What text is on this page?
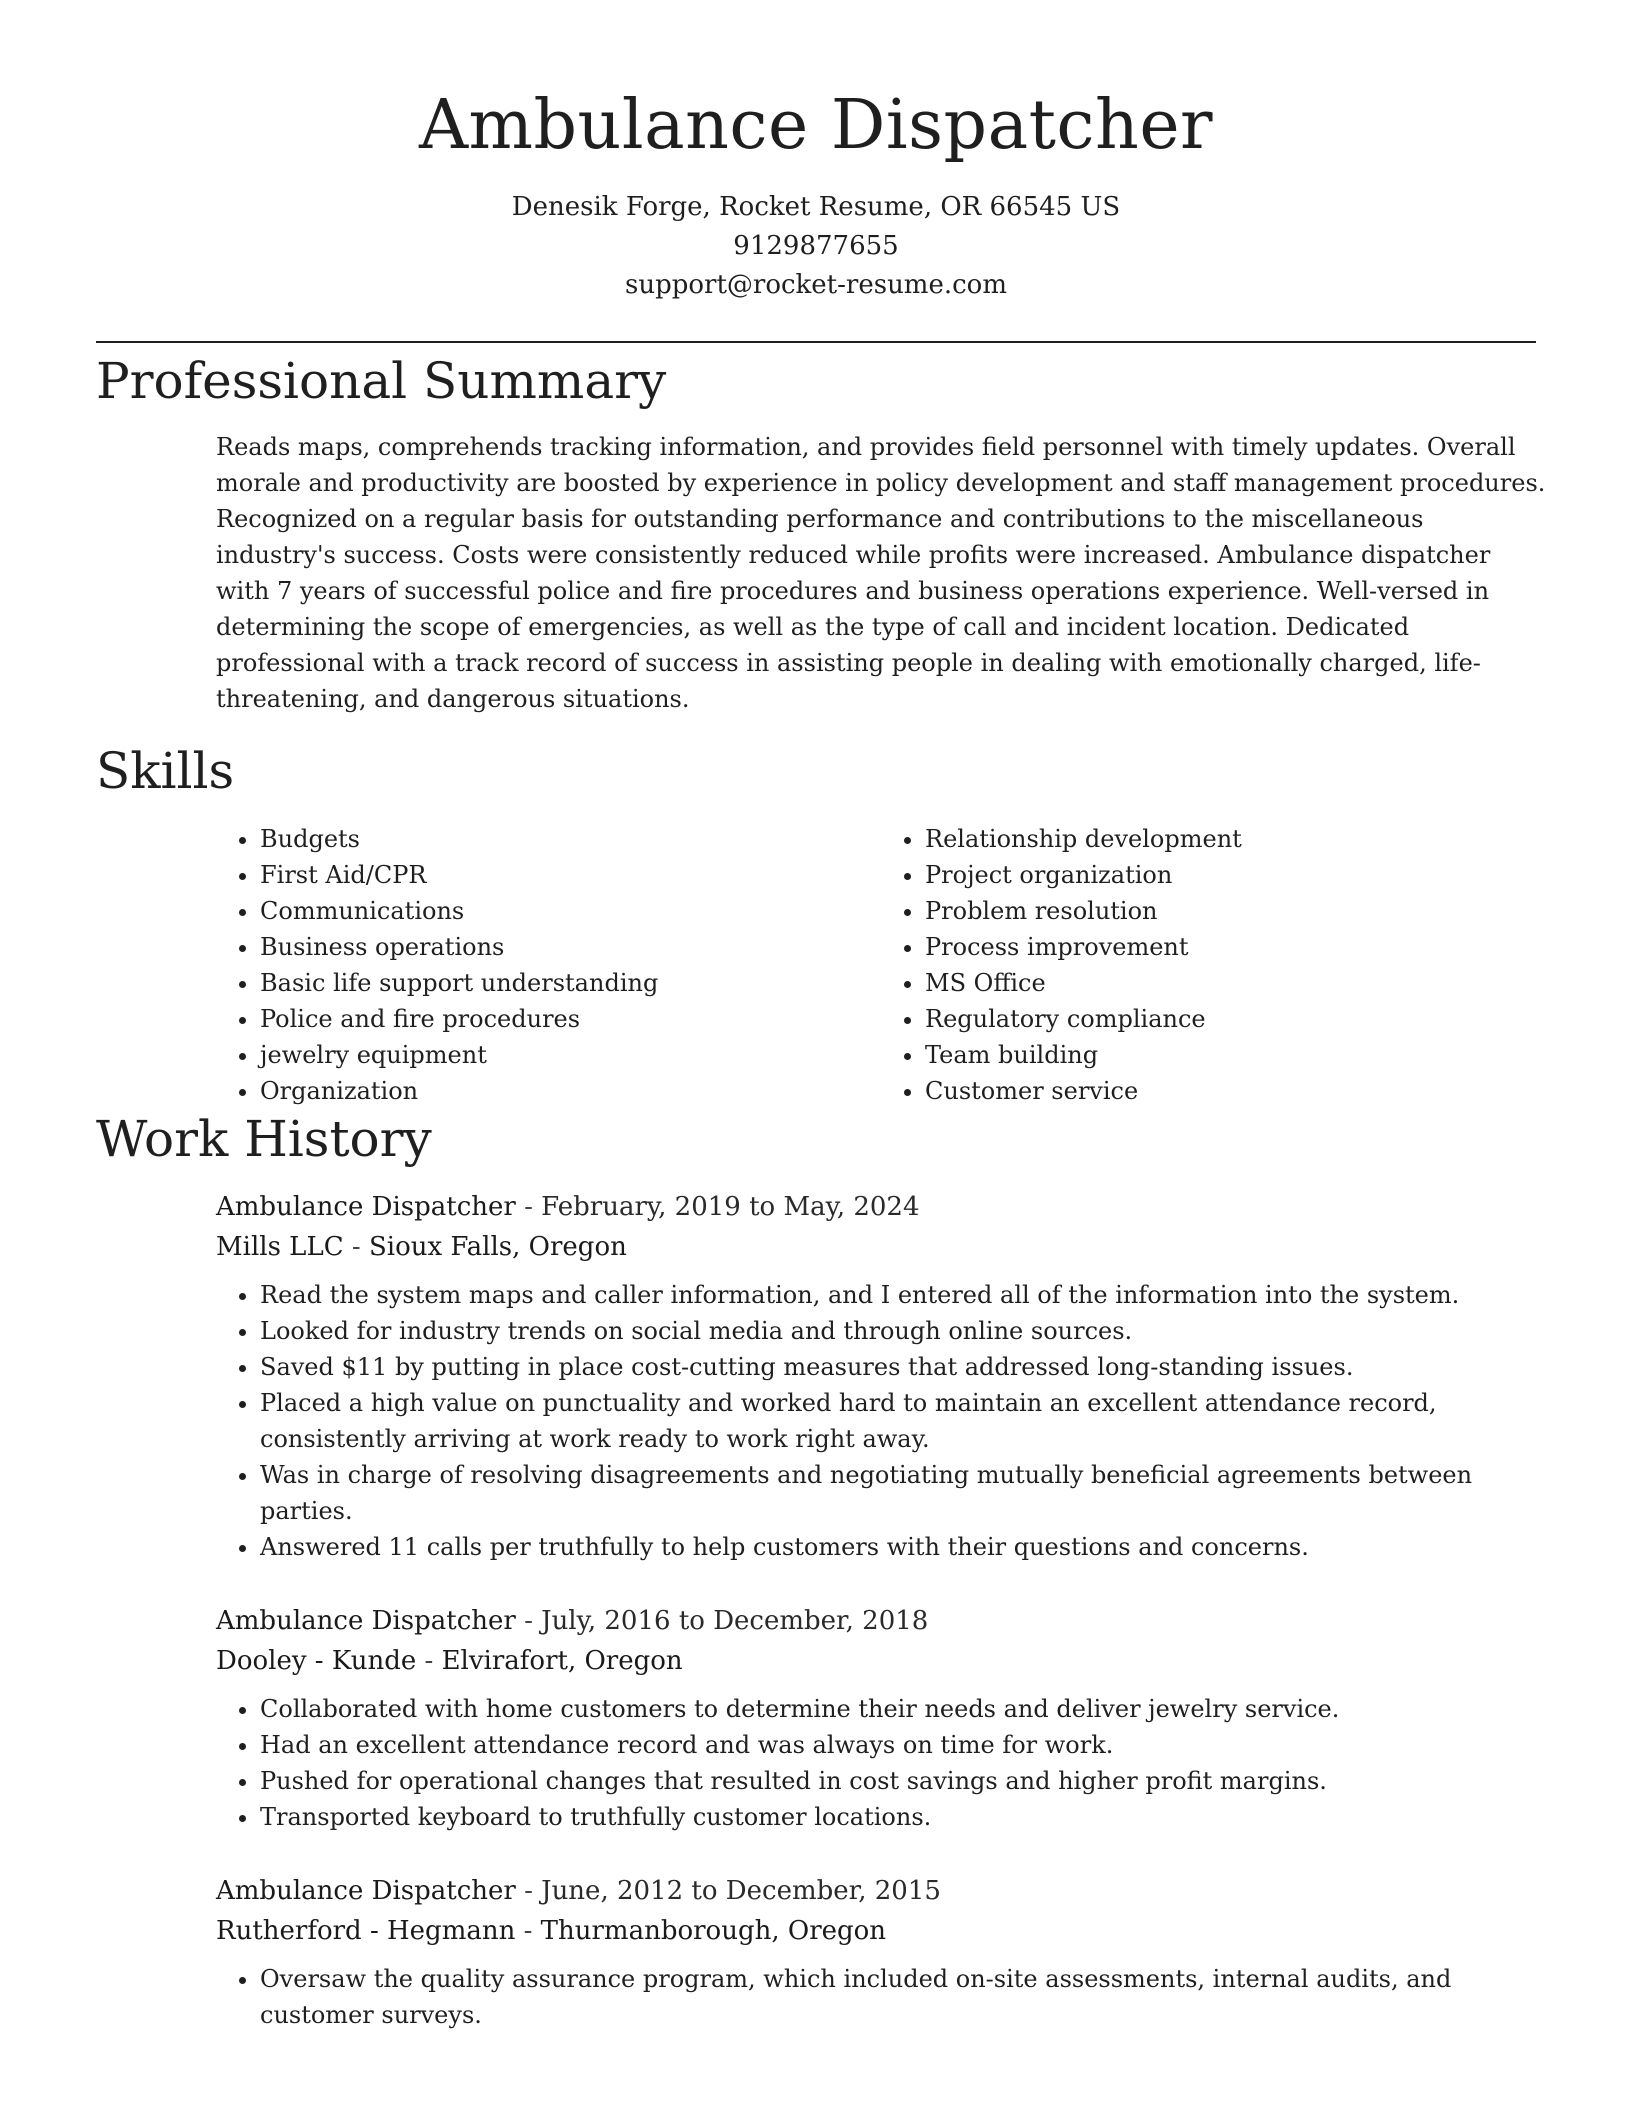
Ambulance Dispatcher
Denesik Forge, Rocket Resume, OR 66545 US
9129877655
support@rocket-resume.com
Professional Summary

Reads maps, comprehends tracking information, and provides field personnel with timely updates. Overall morale and productivity are boosted by experience in policy development and staff management procedures. Recognized on a regular basis for outstanding performance and contributions to the miscellaneous industry's success. Costs were consistently reduced while profits were increased. Ambulance dispatcher with 7 years of successful police and fire procedures and business operations experience. Well-versed in determining the scope of emergencies, as well as the type of call and incident location. Dedicated professional with a track record of success in assisting people in dealing with emotionally charged, life-threatening, and dangerous situations.

Skills
• Budgets
• First Aid/CPR
• Communications
• Business operations
• Basic life support understanding
• Police and fire procedures
• jewelry equipment
• Organization
• Relationship development
• Project organization
• Problem resolution
• Process improvement
• MS Office
• Regulatory compliance
• Team building
• Customer service
Work History
Ambulance Dispatcher - February, 2019 to May, 2024
Mills LLC - Sioux Falls, Oregon
• Read the system maps and caller information, and I entered all of the information into the system.
• Looked for industry trends on social media and through online sources.
• Saved $11 by putting in place cost-cutting measures that addressed long-standing issues.
• Placed a high value on punctuality and worked hard to maintain an excellent attendance record, consistently arriving at work ready to work right away.
• Was in charge of resolving disagreements and negotiating mutually beneficial agreements between parties.
• Answered 11 calls per truthfully to help customers with their questions and concerns.
Ambulance Dispatcher - July, 2016 to December, 2018
Dooley - Kunde - Elvirafort, Oregon
• Collaborated with home customers to determine their needs and deliver jewelry service.
• Had an excellent attendance record and was always on time for work.
• Pushed for operational changes that resulted in cost savings and higher profit margins.
• Transported keyboard to truthfully customer locations.
Ambulance Dispatcher - June, 2012 to December, 2015
Rutherford - Hegmann - Thurmanborough, Oregon
• Oversaw the quality assurance program, which included on-site assessments, internal audits, and customer surveys.
